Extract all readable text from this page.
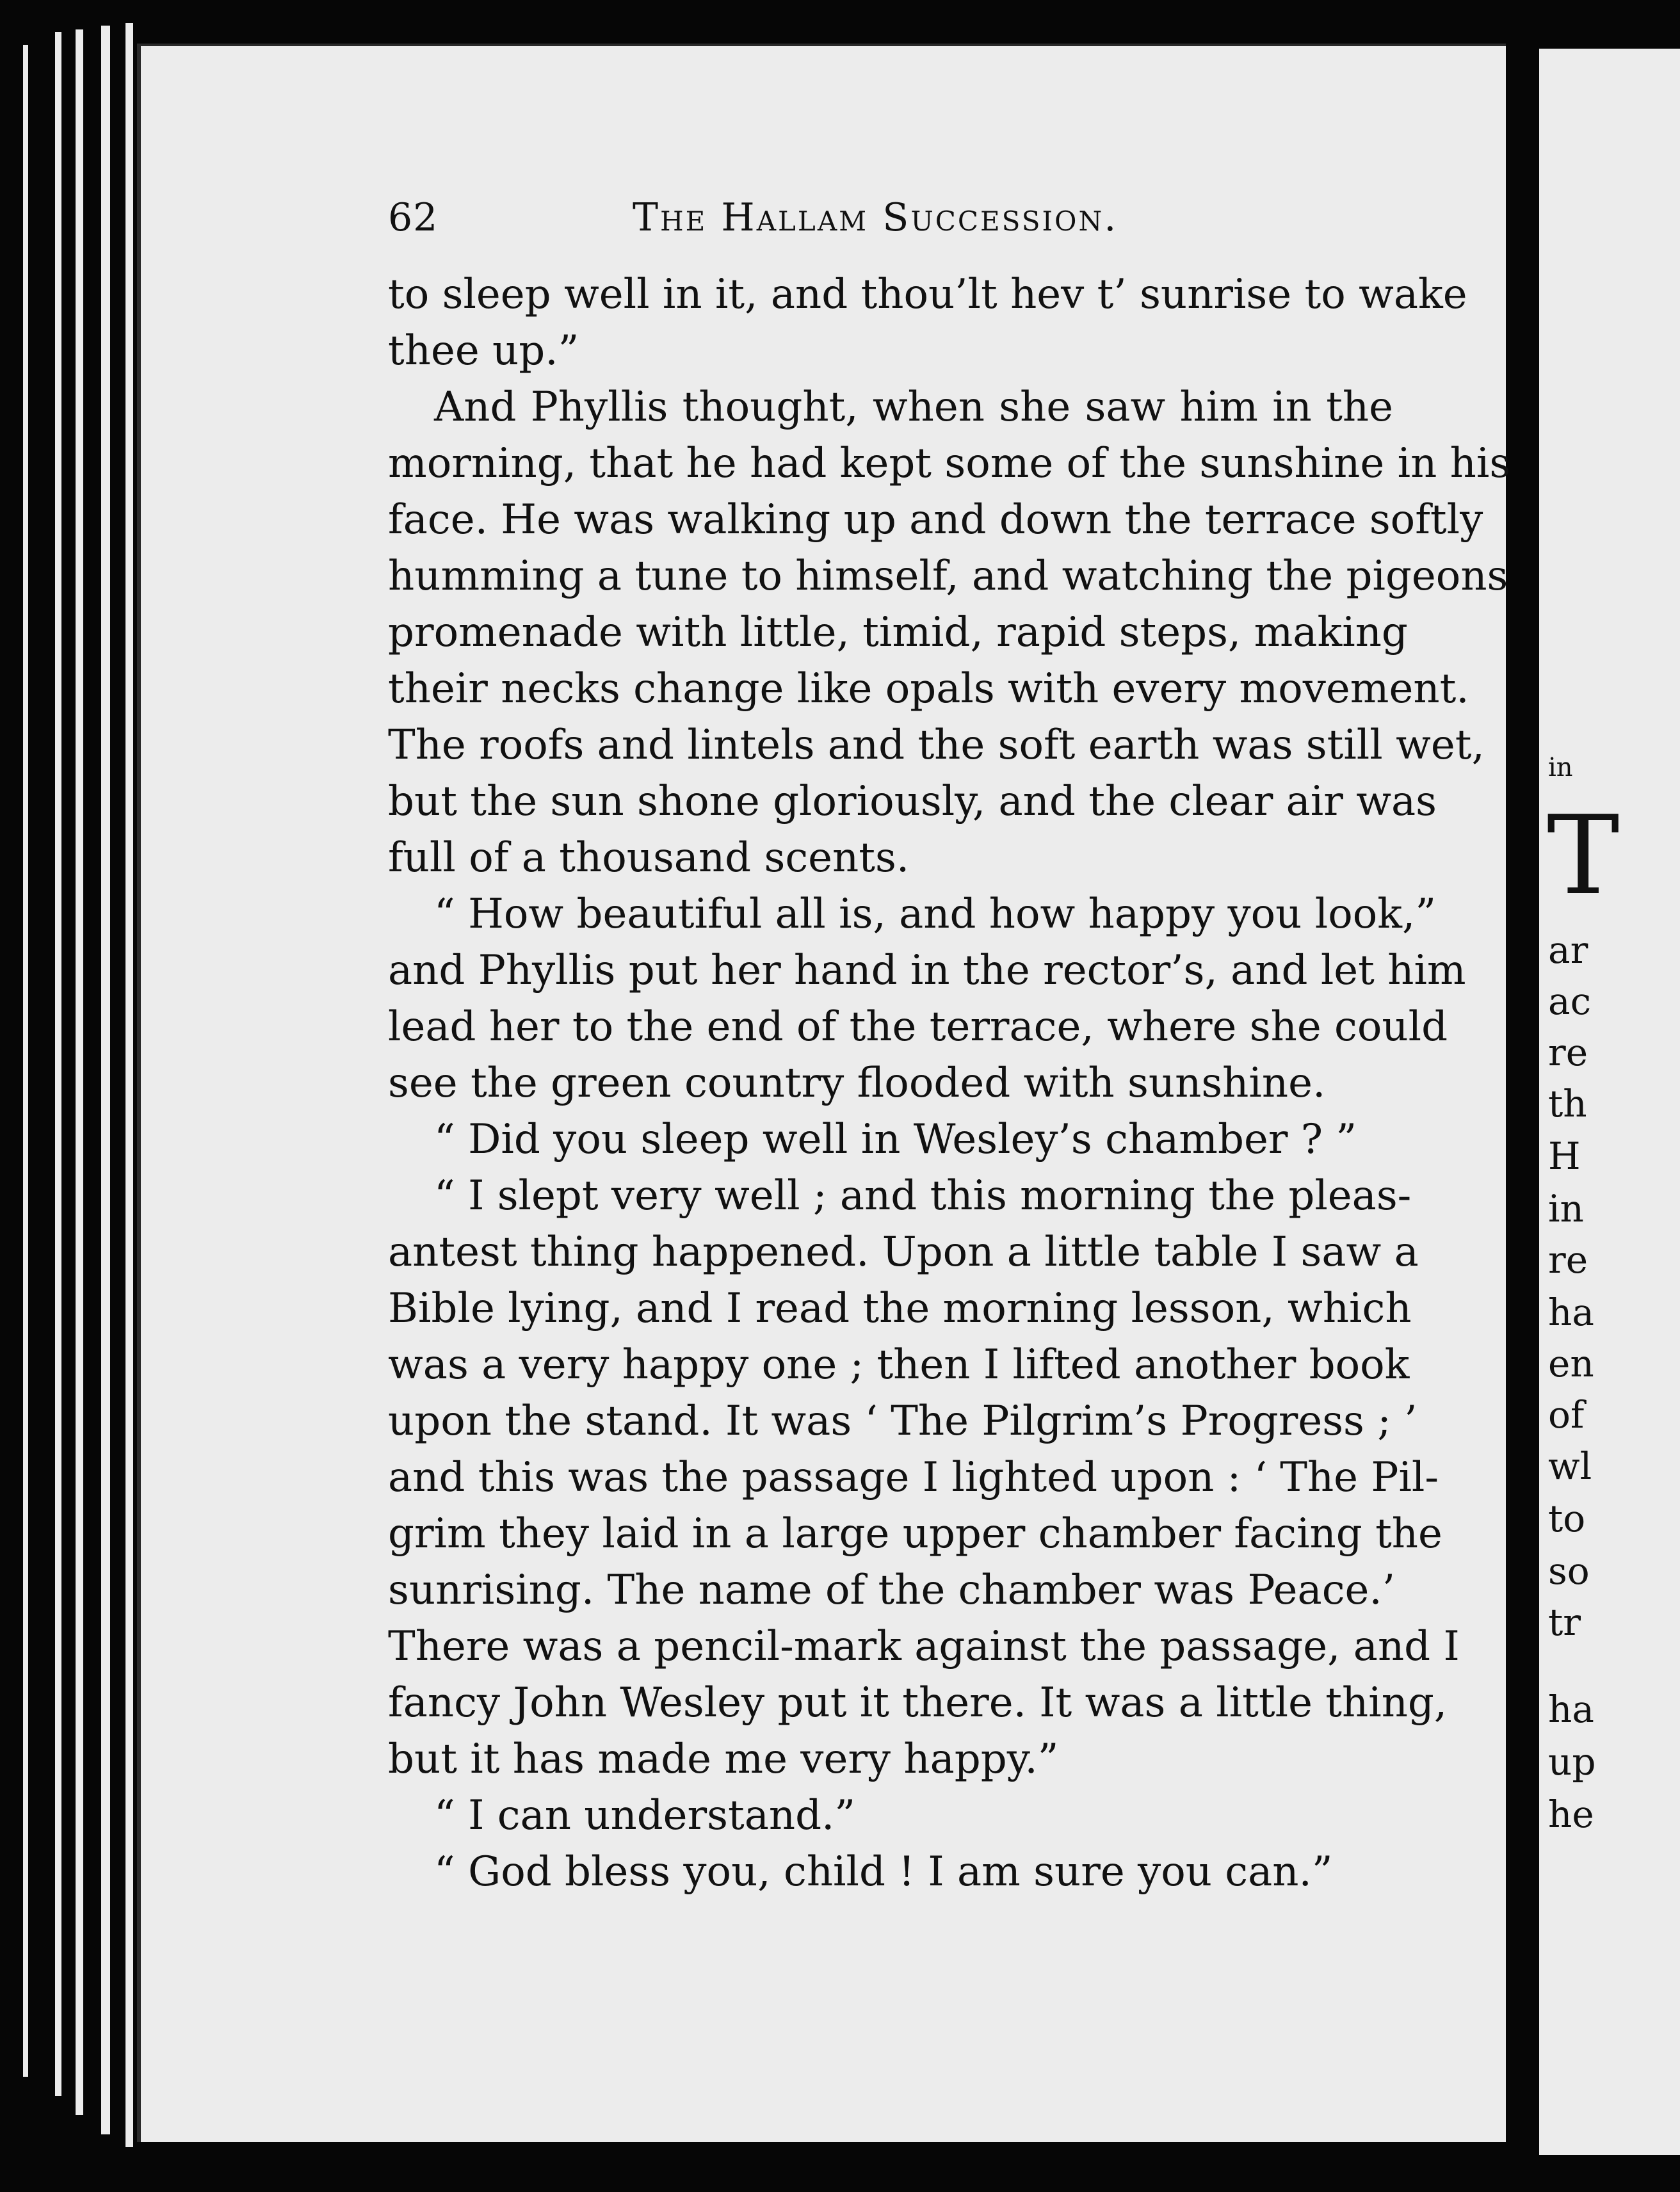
62	The Hallam Succession.
to sleep well in it, and thou’lt hev t’ sunrise to wake
thee up.”
And Phyllis thought, when she saw him in the
morning, that he had kept some of the sunshine in his
face. He was walking up and down the terrace softly
humming a tune to himself, and watching the pigeons
promenade with little, timid, rapid steps, making
their necks change like opals with every movement.
The roofs and lintels and the soft earth was still wet,
but the sun shone gloriously, and the clear air was
full of a thousand scents.
“ How beautiful all is, and how happy you look,”
and Phyllis put her hand in the rector’s, and let him
lead her to the end of the terrace, where she could
see the green country flooded with sunshine.
“ Did you sleep well in Wesley’s chamber ? ”
“ I slept very well ; and this morning the pleas-
antest thing happened. Upon a little table I saw a
Bible lying, and I read the morning lesson, which
was a very happy one ; then I lifted another book
upon the stand. It was ‘ The Pilgrim’s Progress ; ’
and this was the passage I lighted upon : ‘ The Pil-
grim they laid in a large upper chamber facing the
sunrising. The name of the chamber was Peace.’
There was a pencil-mark against the passage, and I
fancy John Wesley put it there. It was a little thing,
but it has made me very happy.”
“ I can understand.”
“ God bless you, child ! I am sure you can.”
T
in
ar
ac
re
th
H
in
re
ha
en
of
wl
to
so
tr
ha
up
he
